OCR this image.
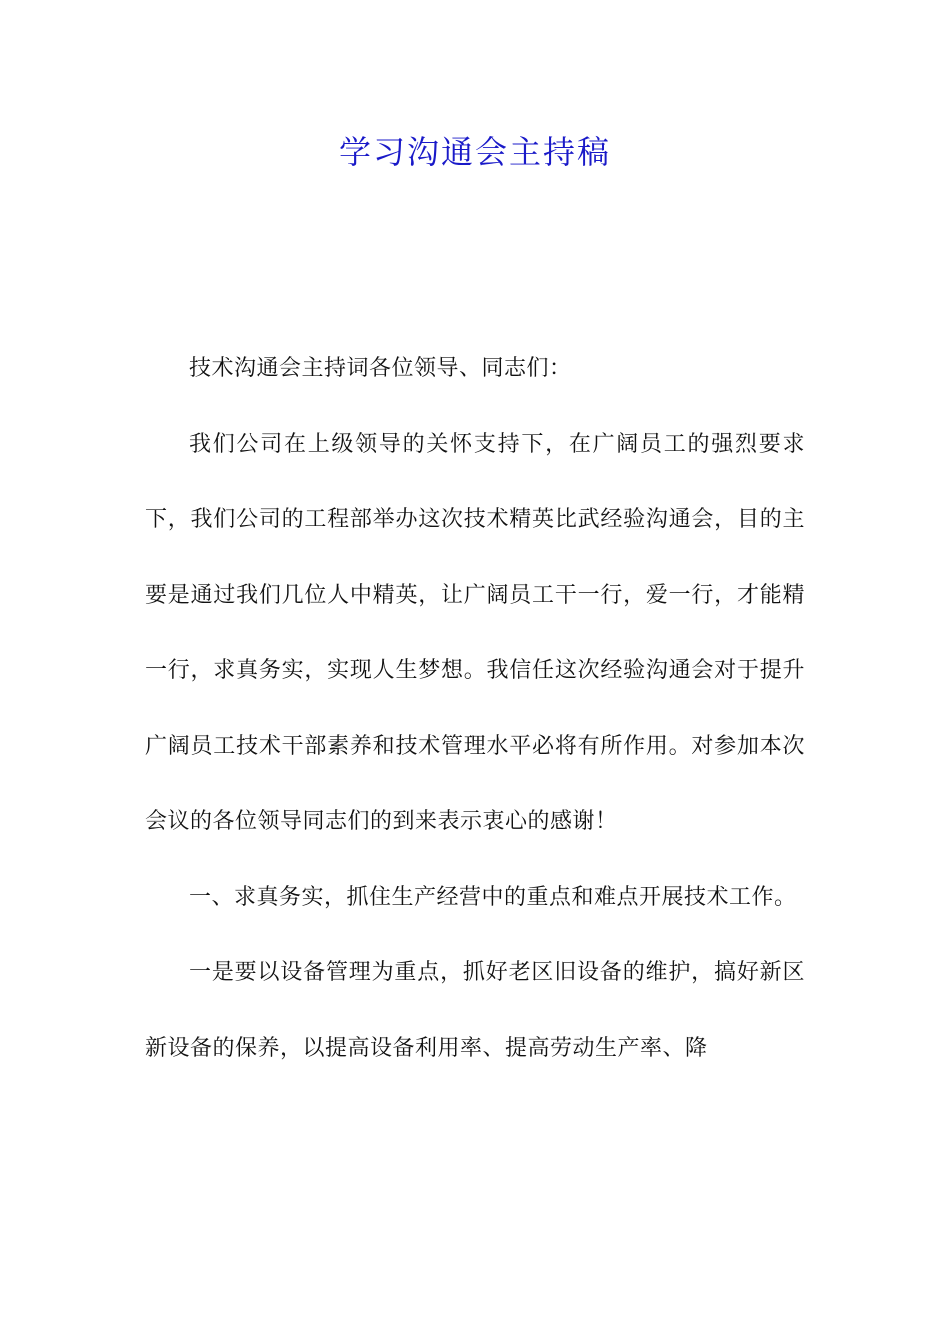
学习沟通会主持稿

技术沟通会主持词各位领导、同志们：

我们公司在上级领导的关怀支持下，在广阔员工的强烈要求下，我们公司的工程部举办这次技术精英比武经验沟通会，目的主要是通过我们几位人中精英，让广阔员工干一行，爱一行，才能精一行，求真务实，实现人生梦想。我信任这次经验沟通会对于提升广阔员工技术干部素养和技术管理水平必将有所作用。对参加本次会议的各位领导同志们的到来表示衷心的感谢！

一、求真务实，抓住生产经营中的重点和难点开展技术工作。

一是要以设备管理为重点，抓好老区旧设备的维护，搞好新区新设备的保养，以提高设备利用率、提高劳动生产率、降
